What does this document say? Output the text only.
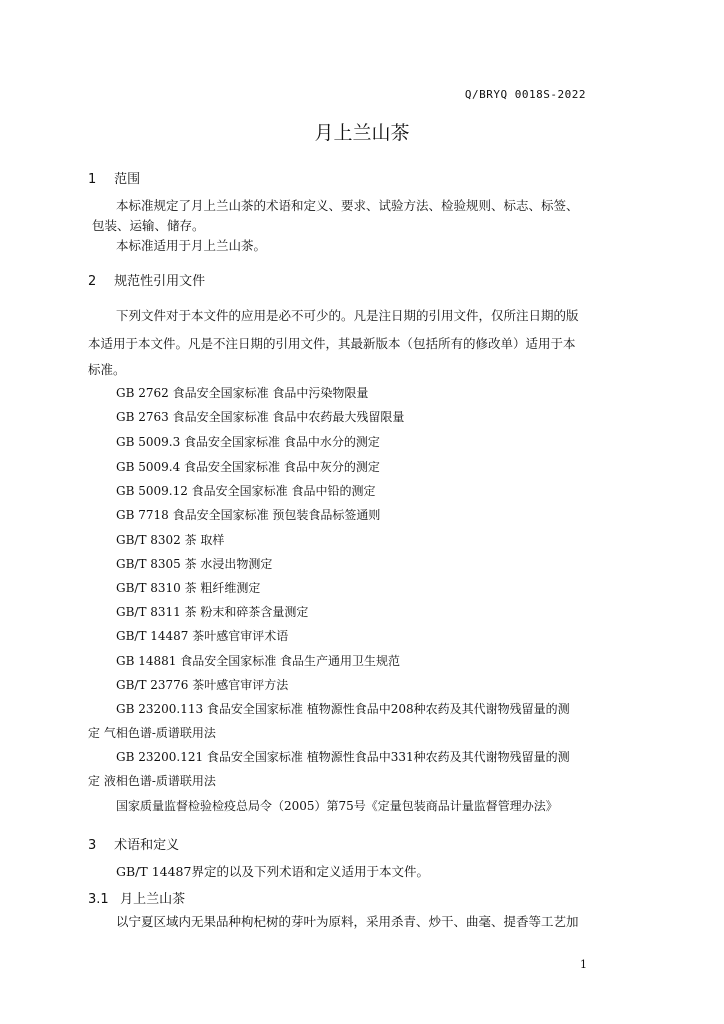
Q/BRYQ 0018S-2022
月上兰山茶
1 范围
本标准规定了月上兰山茶的术语和定义、要求、试验方法、检验规则、标志、标签、
包装、运输、储存。
本标准适用于月上兰山茶。
2 规范性引用文件
下列文件对于本文件的应用是必不可少的。凡是注日期的引用文件，仅所注日期的版
本适用于本文件。凡是不注日期的引用文件，其最新版本（包括所有的修改单）适用于本
标准。
GB 2762 食品安全国家标准 食品中污染物限量
GB 2763 食品安全国家标准 食品中农药最大残留限量
GB 5009.3 食品安全国家标准 食品中水分的测定
GB 5009.4 食品安全国家标准 食品中灰分的测定
GB 5009.12 食品安全国家标准 食品中铅的测定
GB 7718 食品安全国家标准 预包装食品标签通则
GB/T 8302 茶 取样
GB/T 8305 茶 水浸出物测定
GB/T 8310 茶 粗纤维测定
GB/T 8311 茶 粉末和碎茶含量测定
GB/T 14487 茶叶感官审评术语
GB 14881 食品安全国家标准 食品生产通用卫生规范
GB/T 23776 茶叶感官审评方法
GB 23200.113 食品安全国家标准 植物源性食品中208种农药及其代谢物残留量的测
定 气相色谱-质谱联用法
GB 23200.121 食品安全国家标准 植物源性食品中331种农药及其代谢物残留量的测
定 液相色谱-质谱联用法
国家质量监督检验检疫总局令（2005）第75号《定量包装商品计量监督管理办法》
3 术语和定义
GB/T 14487界定的以及下列术语和定义适用于本文件。
3.1 月上兰山茶
以宁夏区域内无果品种枸杞树的芽叶为原料，采用杀青、炒干、曲毫、提香等工艺加
1
